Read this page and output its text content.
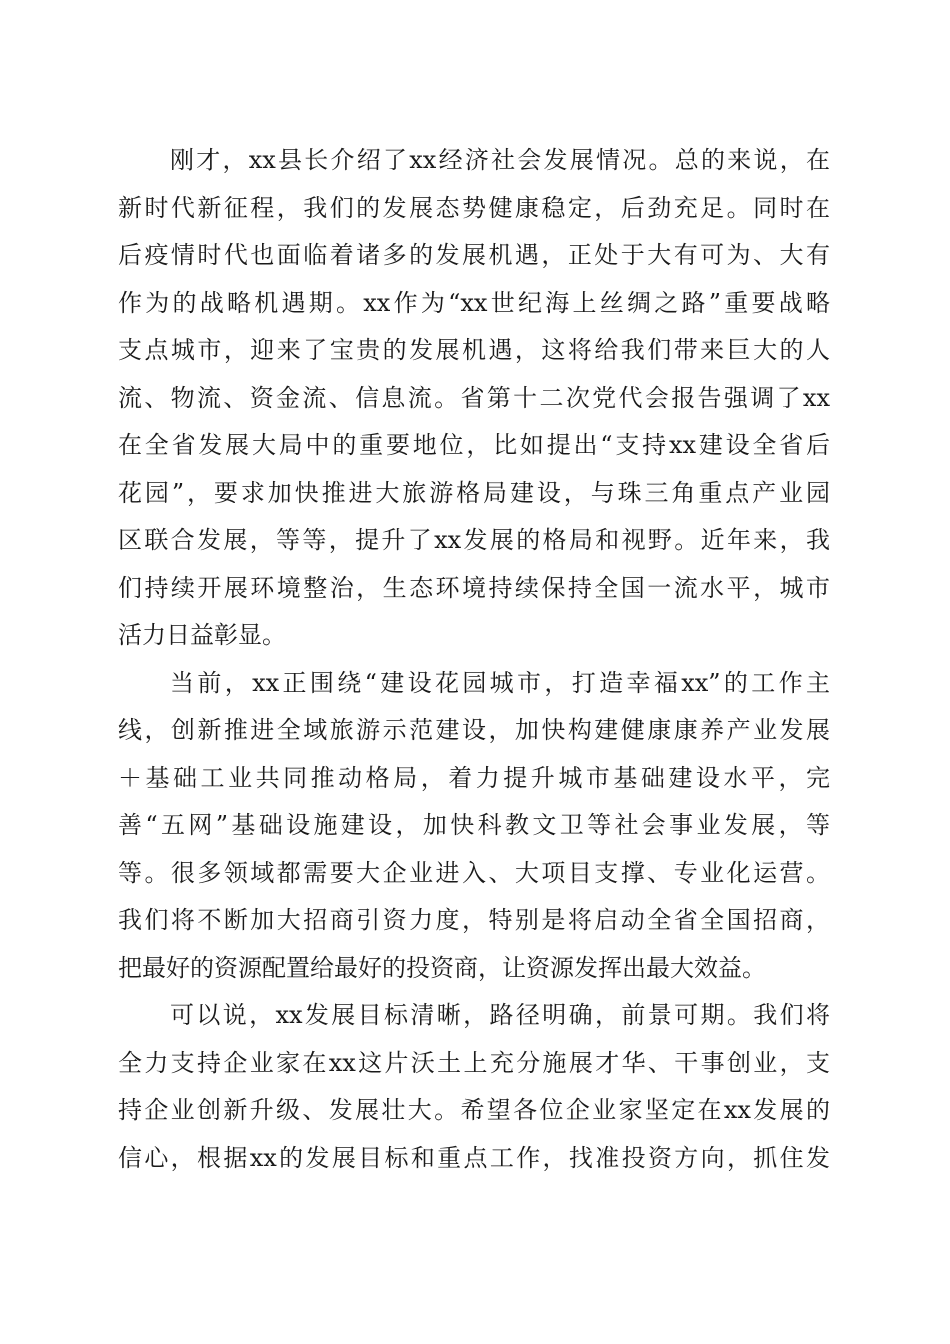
刚才，xx县长介绍了xx经济社会发展情况。总的来说，在
新时代新征程，我们的发展态势健康稳定，后劲充足。同时在
后疫情时代也面临着诸多的发展机遇，正处于大有可为、大有
作为的战略机遇期。xx作为“xx世纪海上丝绸之路”重要战略
支点城市，迎来了宝贵的发展机遇，这将给我们带来巨大的人
流、物流、资金流、信息流。省第十二次党代会报告强调了xx
在全省发展大局中的重要地位，比如提出“支持xx建设全省后
花园”，要求加快推进大旅游格局建设，与珠三角重点产业园
区联合发展，等等，提升了xx发展的格局和视野。近年来，我
们持续开展环境整治，生态环境持续保持全国一流水平，城市
活力日益彰显。
当前，xx正围绕“建设花园城市，打造幸福xx”的工作主
线，创新推进全域旅游示范建设，加快构建健康康养产业发展
＋基础工业共同推动格局，着力提升城市基础建设水平，完
善“五网”基础设施建设，加快科教文卫等社会事业发展，等
等。很多领域都需要大企业进入、大项目支撑、专业化运营。
我们将不断加大招商引资力度，特别是将启动全省全国招商，
把最好的资源配置给最好的投资商，让资源发挥出最大效益。
可以说，xx发展目标清晰，路径明确，前景可期。我们将
全力支持企业家在xx这片沃土上充分施展才华、干事创业，支
持企业创新升级、发展壮大。希望各位企业家坚定在xx发展的
信心，根据xx的发展目标和重点工作，找准投资方向，抓住发
